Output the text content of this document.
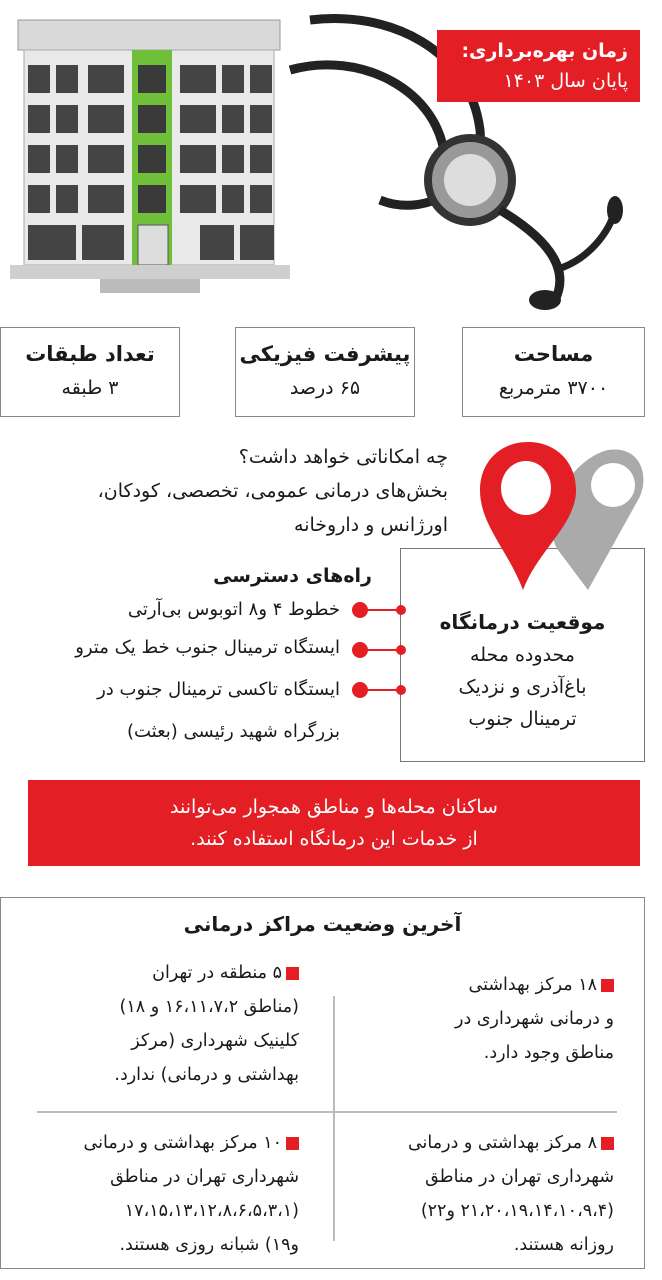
زمان بهره‌برداری:
پایان سال ۱۴۰۳
مساحت
۳۷۰۰ مترمربع
پیشرفت فیزیکی
۶۵ درصد
تعداد طبقات
۳ طبقه
چه امکاناتی خواهد داشت؟
بخش‌های درمانی عمومی، تخصصی، کودکان،
اورژانس و داروخانه
موقعیت درمانگاه
محدوده محله
باغ‌آذری و نزدیک
ترمینال جنوب
راه‌های دسترسی
خطوط ۴ و۸ اتوبوس بی‌آرتی
ایستگاه ترمینال جنوب خط یک مترو
ایستگاه تاکسی ترمینال جنوب در
بزرگراه شهید رئیسی (بعثت)
ساکنان محله‌ها و مناطق همجوار می‌توانند
از خدمات این درمانگاه استفاده کنند.
آخرین وضعیت مراکز درمانی
۱۸ مرکز بهداشتی
و درمانی شهرداری در
مناطق وجود دارد.
۵ منطقه در تهران
(مناطق ۱۶،۱۱،۷،۲ و ۱۸)
کلینیک شهرداری (مرکز
بهداشتی و درمانی) ندارد.
۸ مرکز بهداشتی و درمانی
شهرداری تهران در مناطق
(۲۱،۲۰،۱۹،۱۴،۱۰،۹،۴ و۲۲)
روزانه هستند.
۱۰ مرکز بهداشتی و درمانی
شهرداری تهران در مناطق
(۱۷،۱۵،۱۳،۱۲،۸،۶،۵،۳،۱
و۱۹) شبانه روزی هستند.
